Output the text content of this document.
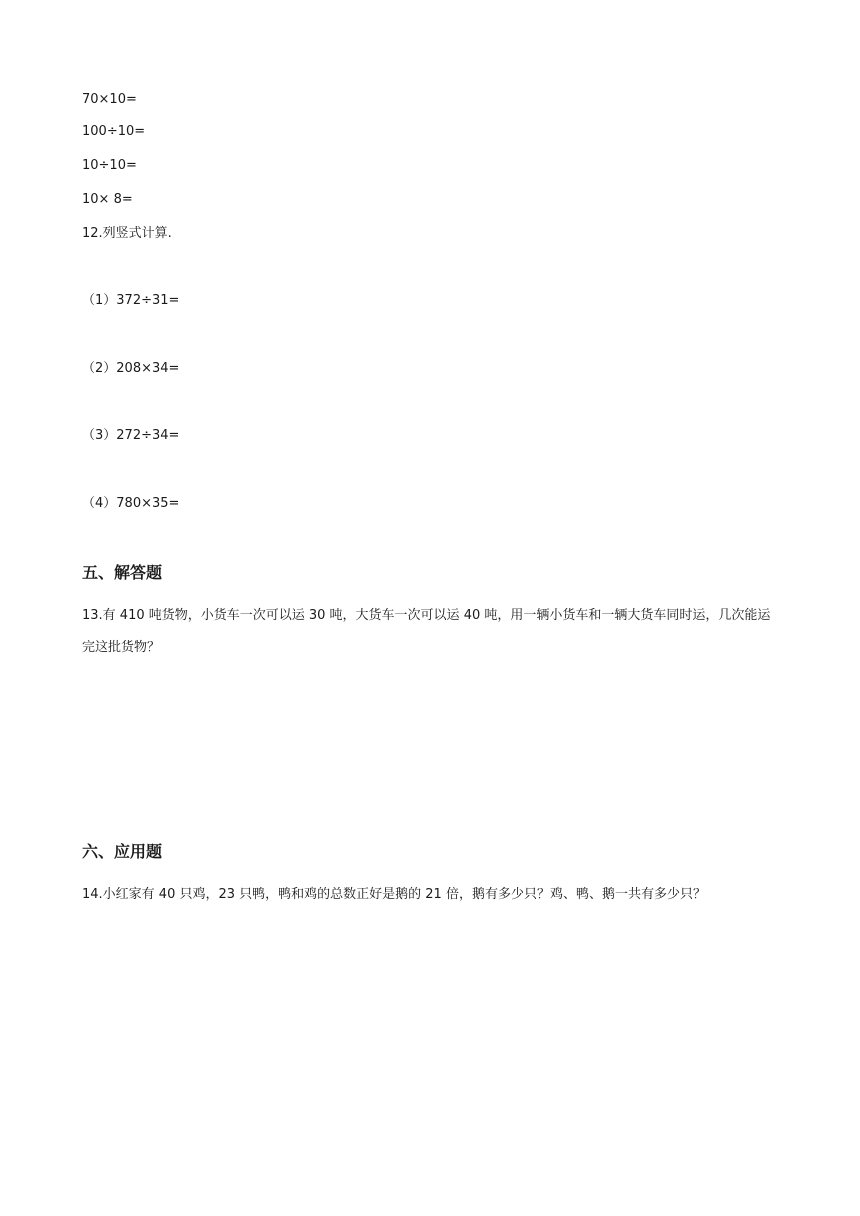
70×10=
100÷10=
10÷10=
10× 8=
12.列竖式计算.
（1）372÷31=
（2）208×34=
（3）272÷34=
（4）780×35=
五、解答题
13.有 410 吨货物，小货车一次可以运 30 吨，大货车一次可以运 40 吨，用一辆小货车和一辆大货车同时运，几次能运完这批货物？
六、应用题
14.小红家有 40 只鸡，23 只鸭，鸭和鸡的总数正好是鹅的 21 倍，鹅有多少只？鸡、鸭、鹅一共有多少只？
